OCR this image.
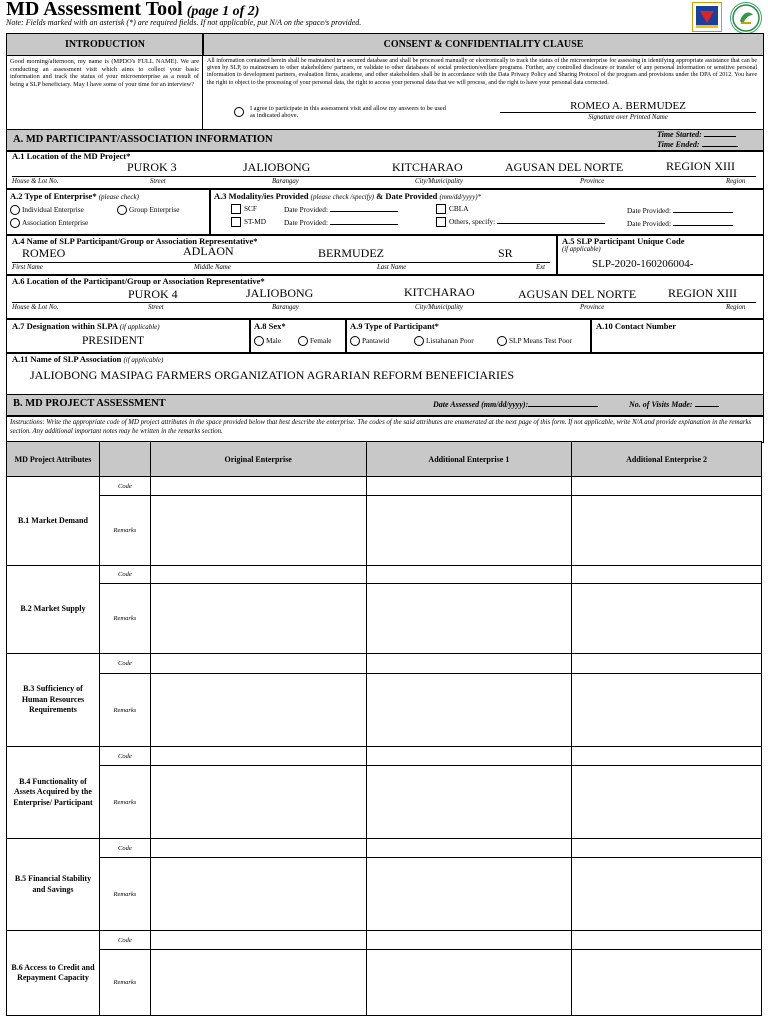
MD Assessment Tool (page 1 of 2)
Note: Fields marked with an asterisk (*) are required fields. If not applicable, put N/A on the space/s provided.
INTRODUCTION	CONSENT & CONFIDENTIALITY CLAUSE
Good morning/afternoon, my name is (MPDO's FULL NAME). We are conducting an assessment visit which aims to collect your basic information and track the status of your microenterprise as a result of being a SLP beneficiary. May I have some of your time for an interview?
All information contained herein shall be maintained in a secured database and shall be processed manually or electronically to track the status of the microenterprise for assessing in identifying appropriate assistance that can be given by SLP, to mainstream to other stakeholders/ partners, or validate to other databases of social protection/welfare programs. Further, any controlled disclosure or transfer of any personal information or sensitive personal information to development partners, evaluation firms, academe, and other stakeholders shall be in accordance with the Data Privacy Policy and Sharing Protocol of the program and provisions under the DPA of 2012. You have the right to object to the processing of your personal data, the right to access your personal data that we will process, and the right to have your personal data corrected.
I agree to participate in this assessment visit and allow my answers to be used as indicated above.
ROMEO A. BERMUDEZ
Signature over Printed Name
A. MD PARTICIPANT/ASSOCIATION INFORMATION	Time Started:
Time Ended:
A.1 Location of the MD Project*
PUROK 3	JALIOBONG	KITCHARAO	AGUSAN DEL NORTE	REGION XIII
House & Lot No.	Street	Barangay	City/Municipality	Province	Region
A.2 Type of Enterprise* (please check)
Individual Enterprise	Group Enterprise
Association Enterprise
A.3 Modality/ies Provided (please check /specify) & Date Provided (mm/dd/yyyy)*
SCF	Date Provided:
ST-MD Date Provided:
CBLA	Date Provided:
Others, specify:	Date Provided:
A.4 Name of SLP Participant/Group or Association Representative*
ROMEO	ADLAON	BERMUDEZ	SR
First Name	Middle Name	Last Name	Ext
A.5 SLP Participant Unique Code
(if applicable)
SLP-2020-160206004-
A.6 Location of the Participant/Group or Association Representative*
PUROK 4	JALIOBONG	KITCHARAO	AGUSAN DEL NORTE	REGION XIII
House & Lot No.	Street	Barangay	City/Municipality	Province	Region
A.7 Designation within SLPA (if applicable)
PRESIDENT
A.8 Sex*
Male	Female
A.9 Type of Participant*
Pantawid	Listahanan Poor	SLP Means Test Poor
A.10 Contact Number
A.11 Name of SLP Association (if applicable)
JALIOBONG MASIPAG FARMERS ORGANIZATION AGRARIAN REFORM BENEFICIARIES
B. MD PROJECT ASSESSMENT	Date Assessed (mm/dd/yyyy):	No. of Visits Made:
Instructions: Write the appropriate code of MD project attributes in the space provided below that best describe the enterprise. The codes of the said attributes are enumerated at the next page of this form. If not applicable, write N/A and provide explanation in the remarks section. Any additional important notes may be written in the remarks section.
MD Project Attributes		Original Enterprise	Additional Enterprise 1	Additional Enterprise 2
B.1 Market Demand	Code			
	Remarks			
B.2 Market Supply	Code			
	Remarks			
B.3 Sufficiency of Human Resources Requirements	Code			
	Remarks			
B.4 Functionality of Assets Acquired by the Enterprise/ Participant	Code			
	Remarks			
B.5 Financial Stability and Savings	Code			
	Remarks			
B.6 Access to Credit and Repayment Capacity	Code			
	Remarks			
